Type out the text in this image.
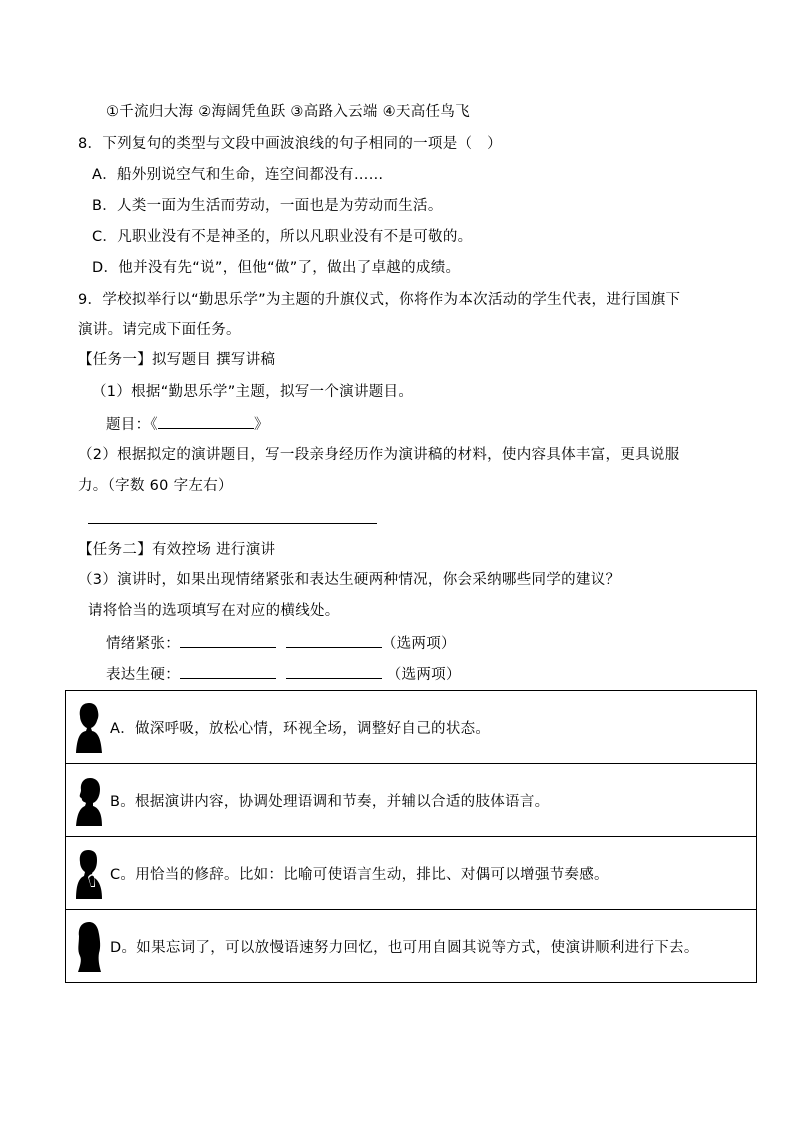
①千流归大海 ②海阔凭鱼跃 ③高路入云端 ④天高任鸟飞
8．下列复句的类型与文段中画波浪线的句子相同的一项是（　）
A．船外别说空气和生命，连空间都没有……
B．人类一面为生活而劳动，一面也是为劳动而生活。
C．凡职业没有不是神圣的，所以凡职业没有不是可敬的。
D．他并没有先“说”，但他“做”了，做出了卓越的成绩。
9．学校拟举行以“勤思乐学”为主题的升旗仪式，你将作为本次活动的学生代表，进行国旗下
演讲。请完成下面任务。
【任务一】拟写题目 撰写讲稿
（1）根据“勤思乐学”主题，拟写一个演讲题目。
题目：《	》
（2）根据拟定的演讲题目，写一段亲身经历作为演讲稿的材料，使内容具体丰富，更具说服
力。（字数 60 字左右）
【任务二】有效控场 进行演讲
（3）演讲时，如果出现情绪紧张和表达生硬两种情况，你会采纳哪些同学的建议？
请将恰当的选项填写在对应的横线处。
情绪紧张：	（选两项）
表达生硬：	（选两项）
A．做深呼吸，放松心情，环视全场，调整好自己的状态。

B。根据演讲内容，协调处理语调和节奏，并辅以合适的肢体语言。

C。用恰当的修辞。比如：比喻可使语言生动，排比、对偶可以增强节奏感。

D。如果忘词了，可以放慢语速努力回忆，也可用自圆其说等方式，使演讲顺利进行下去。
